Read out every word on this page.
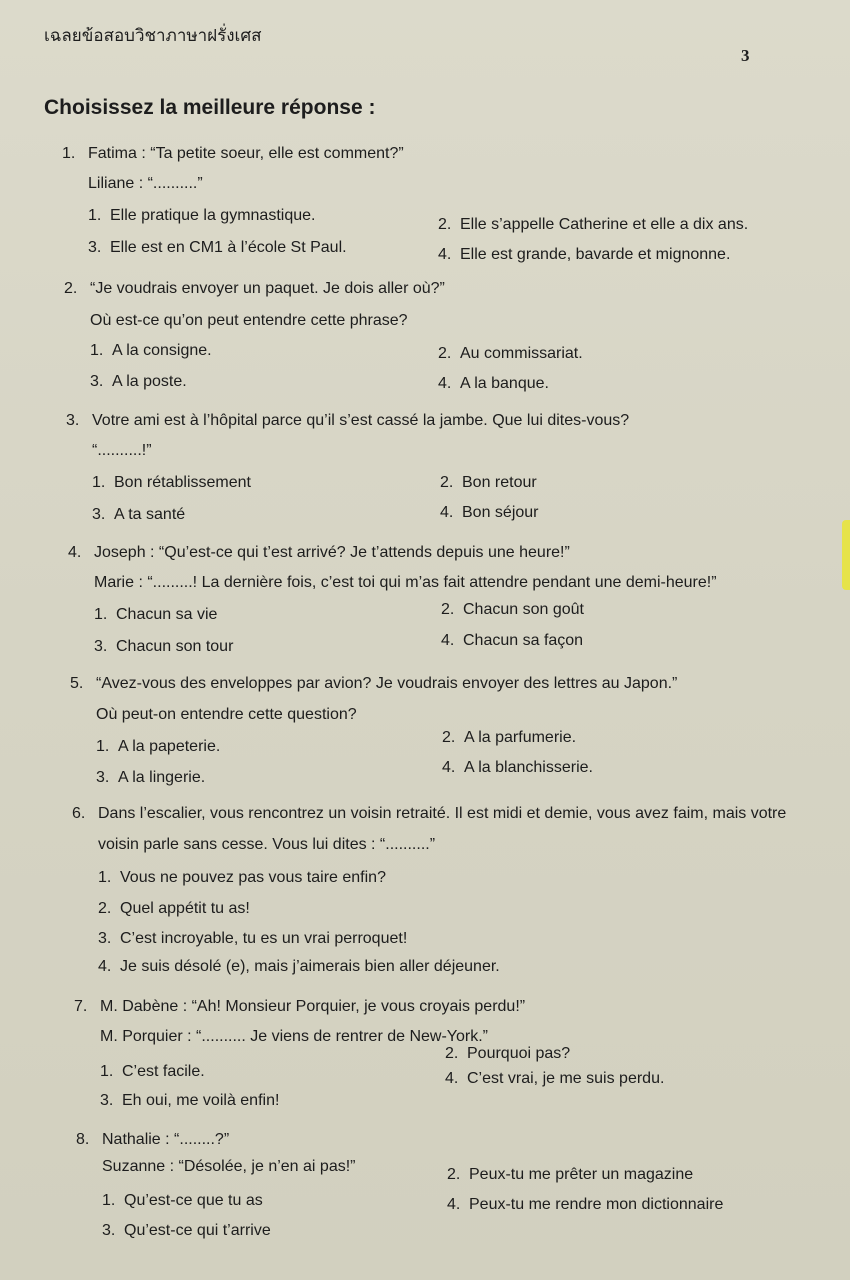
เฉลยข้อสอบวิชาภาษาฝรั่งเศส
3
Choisissez la meilleure réponse :
1. Fatima : “Ta petite soeur, elle est comment?”
Liliane : “..........”
1. Elle pratique la gymnastique.
2. Elle s’appelle Catherine et elle a dix ans.
3. Elle est en CM1 à l’école St Paul.	4. Elle est grande, bavarde et mignonne.
2. “Je voudrais envoyer un paquet. Je dois aller où?”
Où est-ce qu’on peut entendre cette phrase?
1. A la consigne.	2. Au commissariat.
3. A la poste.	4. A la banque.
3. Votre ami est à l’hôpital parce qu’il s’est cassé la jambe. Que lui dites-vous?
“..........!”
1. Bon rétablissement	2. Bon retour
3. A ta santé	4. Bon séjour
4. Joseph : “Qu’est-ce qui t’est arrivé? Je t’attends depuis une heure!”
Marie : “.........! La dernière fois, c’est toi qui m’as fait attendre pendant une demi-heure!”
1. Chacun sa vie	2. Chacun son goût
3. Chacun son tour	4. Chacun sa façon
5. “Avez-vous des enveloppes par avion? Je voudrais envoyer des lettres au Japon.”
Où peut-on entendre cette question?
1. A la papeterie.
2. A la parfumerie.
3. A la lingerie.
4. A la blanchisserie.
6. Dans l’escalier, vous rencontrez un voisin retraité. Il est midi et demie, vous avez faim, mais votre
voisin parle sans cesse. Vous lui dites : “..........”
1. Vous ne pouvez pas vous taire enfin?
2. Quel appétit tu as!
3. C’est incroyable, tu es un vrai perroquet!
4. Je suis désolé (e), mais j’aimerais bien aller déjeuner.
7. M. Dabène : “Ah! Monsieur Porquier, je vous croyais perdu!”
M. Porquier : “.......... Je viens de rentrer de New-York.”
1. C’est facile.
2. Pourquoi pas?
3. Eh oui, me voilà enfin!
4. C’est vrai, je me suis perdu.
8. Nathalie : “........?”
Suzanne : “Désolée, je n’en ai pas!”
1. Qu’est-ce que tu as
2. Peux-tu me prêter un magazine
3. Qu’est-ce qui t’arrive
4. Peux-tu me rendre mon dictionnaire
